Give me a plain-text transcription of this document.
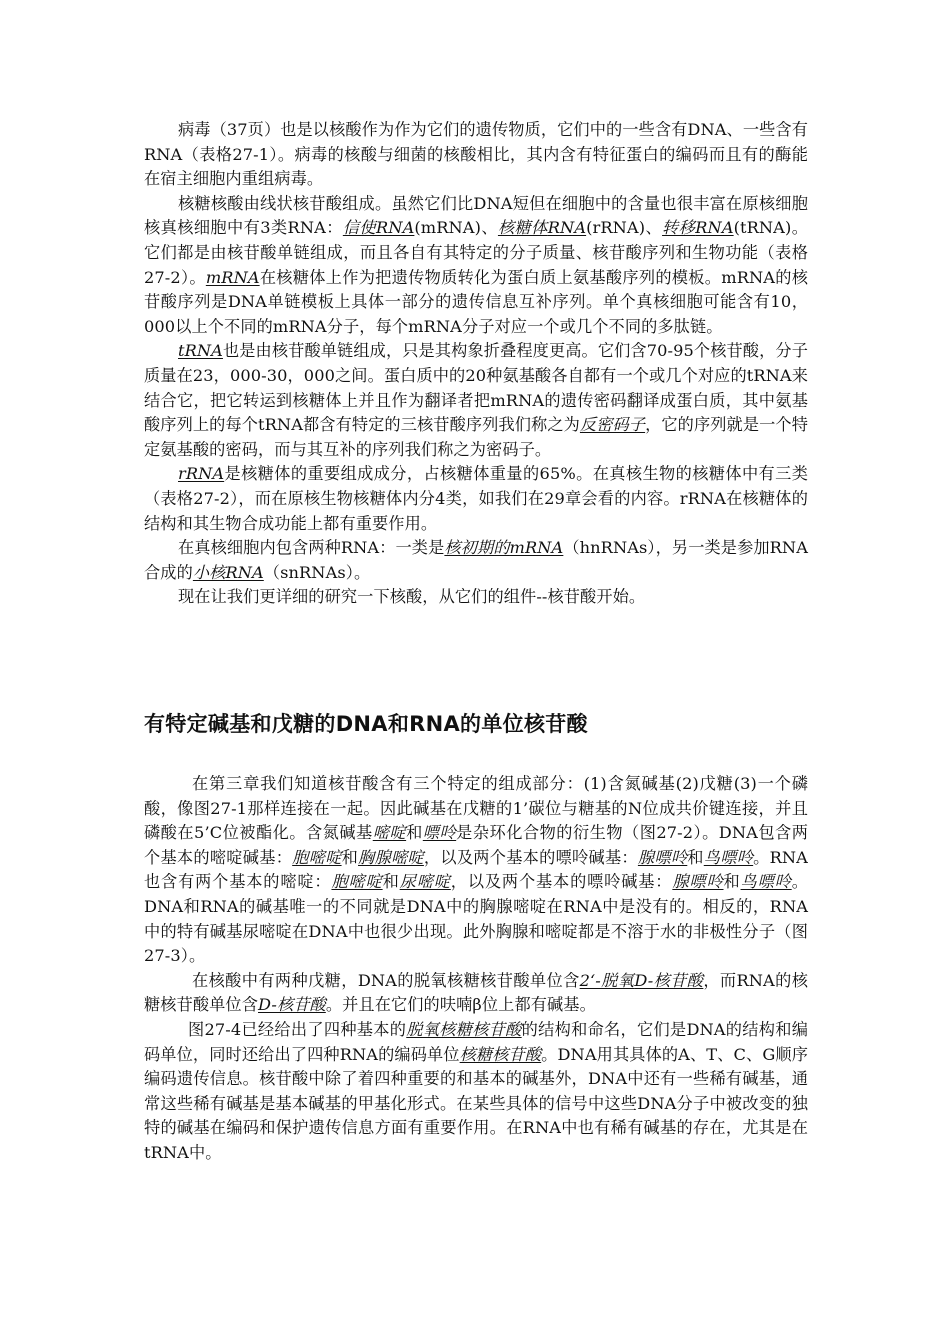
病毒（37页）也是以核酸作为作为它们的遗传物质，它们中的一些含有DNA、一些含有RNA（表格27-1）。病毒的核酸与细菌的核酸相比，其内含有特征蛋白的编码而且有的酶能在宿主细胞内重组病毒。

核糖核酸由线状核苷酸组成。虽然它们比DNA短但在细胞中的含量也很丰富在原核细胞核真核细胞中有3类RNA：信使RNA(mRNA)、核糖体RNA(rRNA)、转移RNA(tRNA)。它们都是由核苷酸单链组成，而且各自有其特定的分子质量、核苷酸序列和生物功能（表格27-2）。mRNA在核糖体上作为把遗传物质转化为蛋白质上氨基酸序列的模板。mRNA的核苷酸序列是DNA单链模板上具体一部分的遗传信息互补序列。单个真核细胞可能含有10，000以上个不同的mRNA分子，每个mRNA分子对应一个或几个不同的多肽链。

tRNA也是由核苷酸单链组成，只是其构象折叠程度更高。它们含70-95个核苷酸，分子质量在23，000-30，000之间。蛋白质中的20种氨基酸各自都有一个或几个对应的tRNA来结合它，把它转运到核糖体上并且作为翻译者把mRNA的遗传密码翻译成蛋白质，其中氨基酸序列上的每个tRNA都含有特定的三核苷酸序列我们称之为反密码子，它的序列就是一个特定氨基酸的密码，而与其互补的序列我们称之为密码子。

rRNA是核糖体的重要组成成分，占核糖体重量的65%。在真核生物的核糖体中有三类（表格27-2），而在原核生物核糖体内分4类，如我们在29章会看的内容。rRNA在核糖体的结构和其生物合成功能上都有重要作用。

在真核细胞内包含两种RNA：一类是核初期的mRNA（hnRNAs），另一类是参加RNA合成的小核RNA（snRNAs）。

现在让我们更详细的研究一下核酸，从它们的组件--核苷酸开始。

有特定碱基和戊糖的DNA和RNA的单位核苷酸

在第三章我们知道核苷酸含有三个特定的组成部分：(1)含氮碱基(2)戊糖(3)一个磷酸，像图27-1那样连接在一起。因此碱基在戊糖的1’碳位与糖基的N位成共价键连接，并且磷酸在5’C位被酯化。含氮碱基嘧啶和嘌呤是杂环化合物的衍生物（图27-2）。DNA包含两个基本的嘧啶碱基：胞嘧啶和胸腺嘧啶，以及两个基本的嘌呤碱基：腺嘌呤和鸟嘌呤。RNA也含有两个基本的嘧啶：胞嘧啶和尿嘧啶，以及两个基本的嘌呤碱基：腺嘌呤和鸟嘌呤。DNA和RNA的碱基唯一的不同就是DNA中的胸腺嘧啶在RNA中是没有的。相反的，RNA中的特有碱基尿嘧啶在DNA中也很少出现。此外胸腺和嘧啶都是不溶于水的非极性分子（图27-3）。

在核酸中有两种戊糖，DNA的脱氧核糖核苷酸单位含2‘-脱氧D-核苷酸，而RNA的核糖核苷酸单位含D-核苷酸。并且在它们的呋喃β位上都有碱基。

图27-4已经给出了四种基本的脱氧核糖核苷酸的结构和命名，它们是DNA的结构和编码单位，同时还给出了四种RNA的编码单位核糖核苷酸。DNA用其具体的A、T、C、G顺序编码遗传信息。核苷酸中除了着四种重要的和基本的碱基外，DNA中还有一些稀有碱基，通常这些稀有碱基是基本碱基的甲基化形式。在某些具体的信号中这些DNA分子中被改变的独特的碱基在编码和保护遗传信息方面有重要作用。在RNA中也有稀有碱基的存在，尤其是在tRNA中。
